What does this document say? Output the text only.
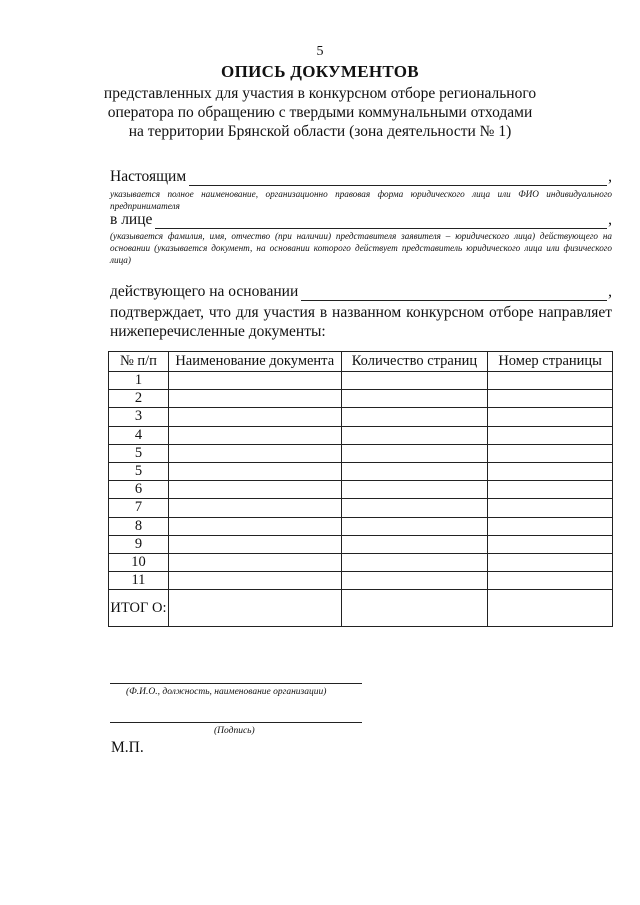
5
ОПИСЬ ДОКУМЕНТОВ
представленных для участия в конкурсном отборе регионального оператора по обращению с твердыми коммунальными отходами на территории Брянской области (зона деятельности № 1)
Настоящим	,
указывается полное наименование, организационно правовая форма юридического лица или ФИО индивидуального предпринимателя
в лице	,
(указывается фамилия, имя, отчество (при наличии) представителя заявителя – юридического лица) действующего на основании (указывается документ, на основании которого действует представитель юридического лица или физического лица)
действующего на основании	,
подтверждает, что для участия в названном конкурсном отборе направляет нижеперечисленные документы:
№ п/п	Наименование документа	Количество страниц	Номер страницы
1			
2			
3			
4			
5			
5			
6			
7			
8			
9			
10			
11			
ИТОГ О:			
(Ф.И.О., должность, наименование организации)
(Подпись)
М.П.
